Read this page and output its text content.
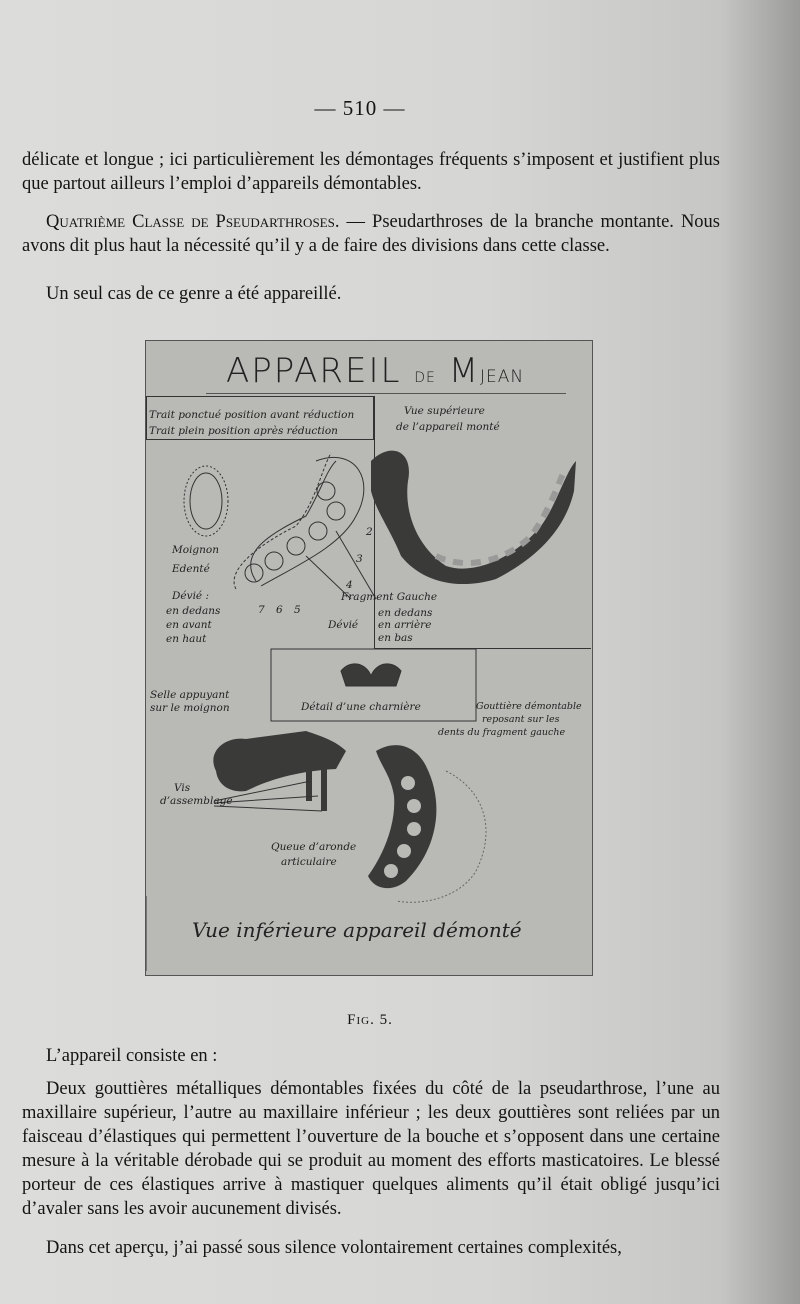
— 510 —

délicate et longue ; ici particulièrement les démontages fréquents s’imposent et justifient plus que partout ailleurs l’emploi d’appareils démontables.

Quatrième Classe de Pseudarthroses. — Pseudarthroses de la branche montante. Nous avons dit plus haut la nécessité qu’il y a de faire des divisions dans cette classe.

Un seul cas de ce genre a été appareillé.

APPAREIL DE MJEAN
Trait ponctué position avant réduction
Trait plein position après réduction
Vue supérieure
de l’appareil monté
Moignon
Edenté
Dévié :
en dedans
en avant
en haut
7 6 5
4
3
2
Fragment Gauche
Dévié
en dedans
en arrière
en bas
Selle appuyant
sur le moignon	Détail d’une charnière	Gouttière démontable
reposant sur les
dents du fragment gauche
Vis
d’assemblage
Queue d’aronde
articulaire
Vue inférieure appareil démonté
Fig. 5.

L’appareil consiste en :

Deux gouttières métalliques démontables fixées du côté de la pseudarthrose, l’une au maxillaire supérieur, l’autre au maxillaire inférieur ; les deux gouttières sont reliées par un faisceau d’élastiques qui permettent l’ouverture de la bouche et s’opposent dans une certaine mesure à la véritable dérobade qui se produit au moment des efforts masticatoires. Le blessé porteur de ces élastiques arrive à mastiquer quelques aliments qu’il était obligé jusqu’ici d’avaler sans les avoir aucunement divisés.

Dans cet aperçu, j’ai passé sous silence volontairement certaines complexités,
